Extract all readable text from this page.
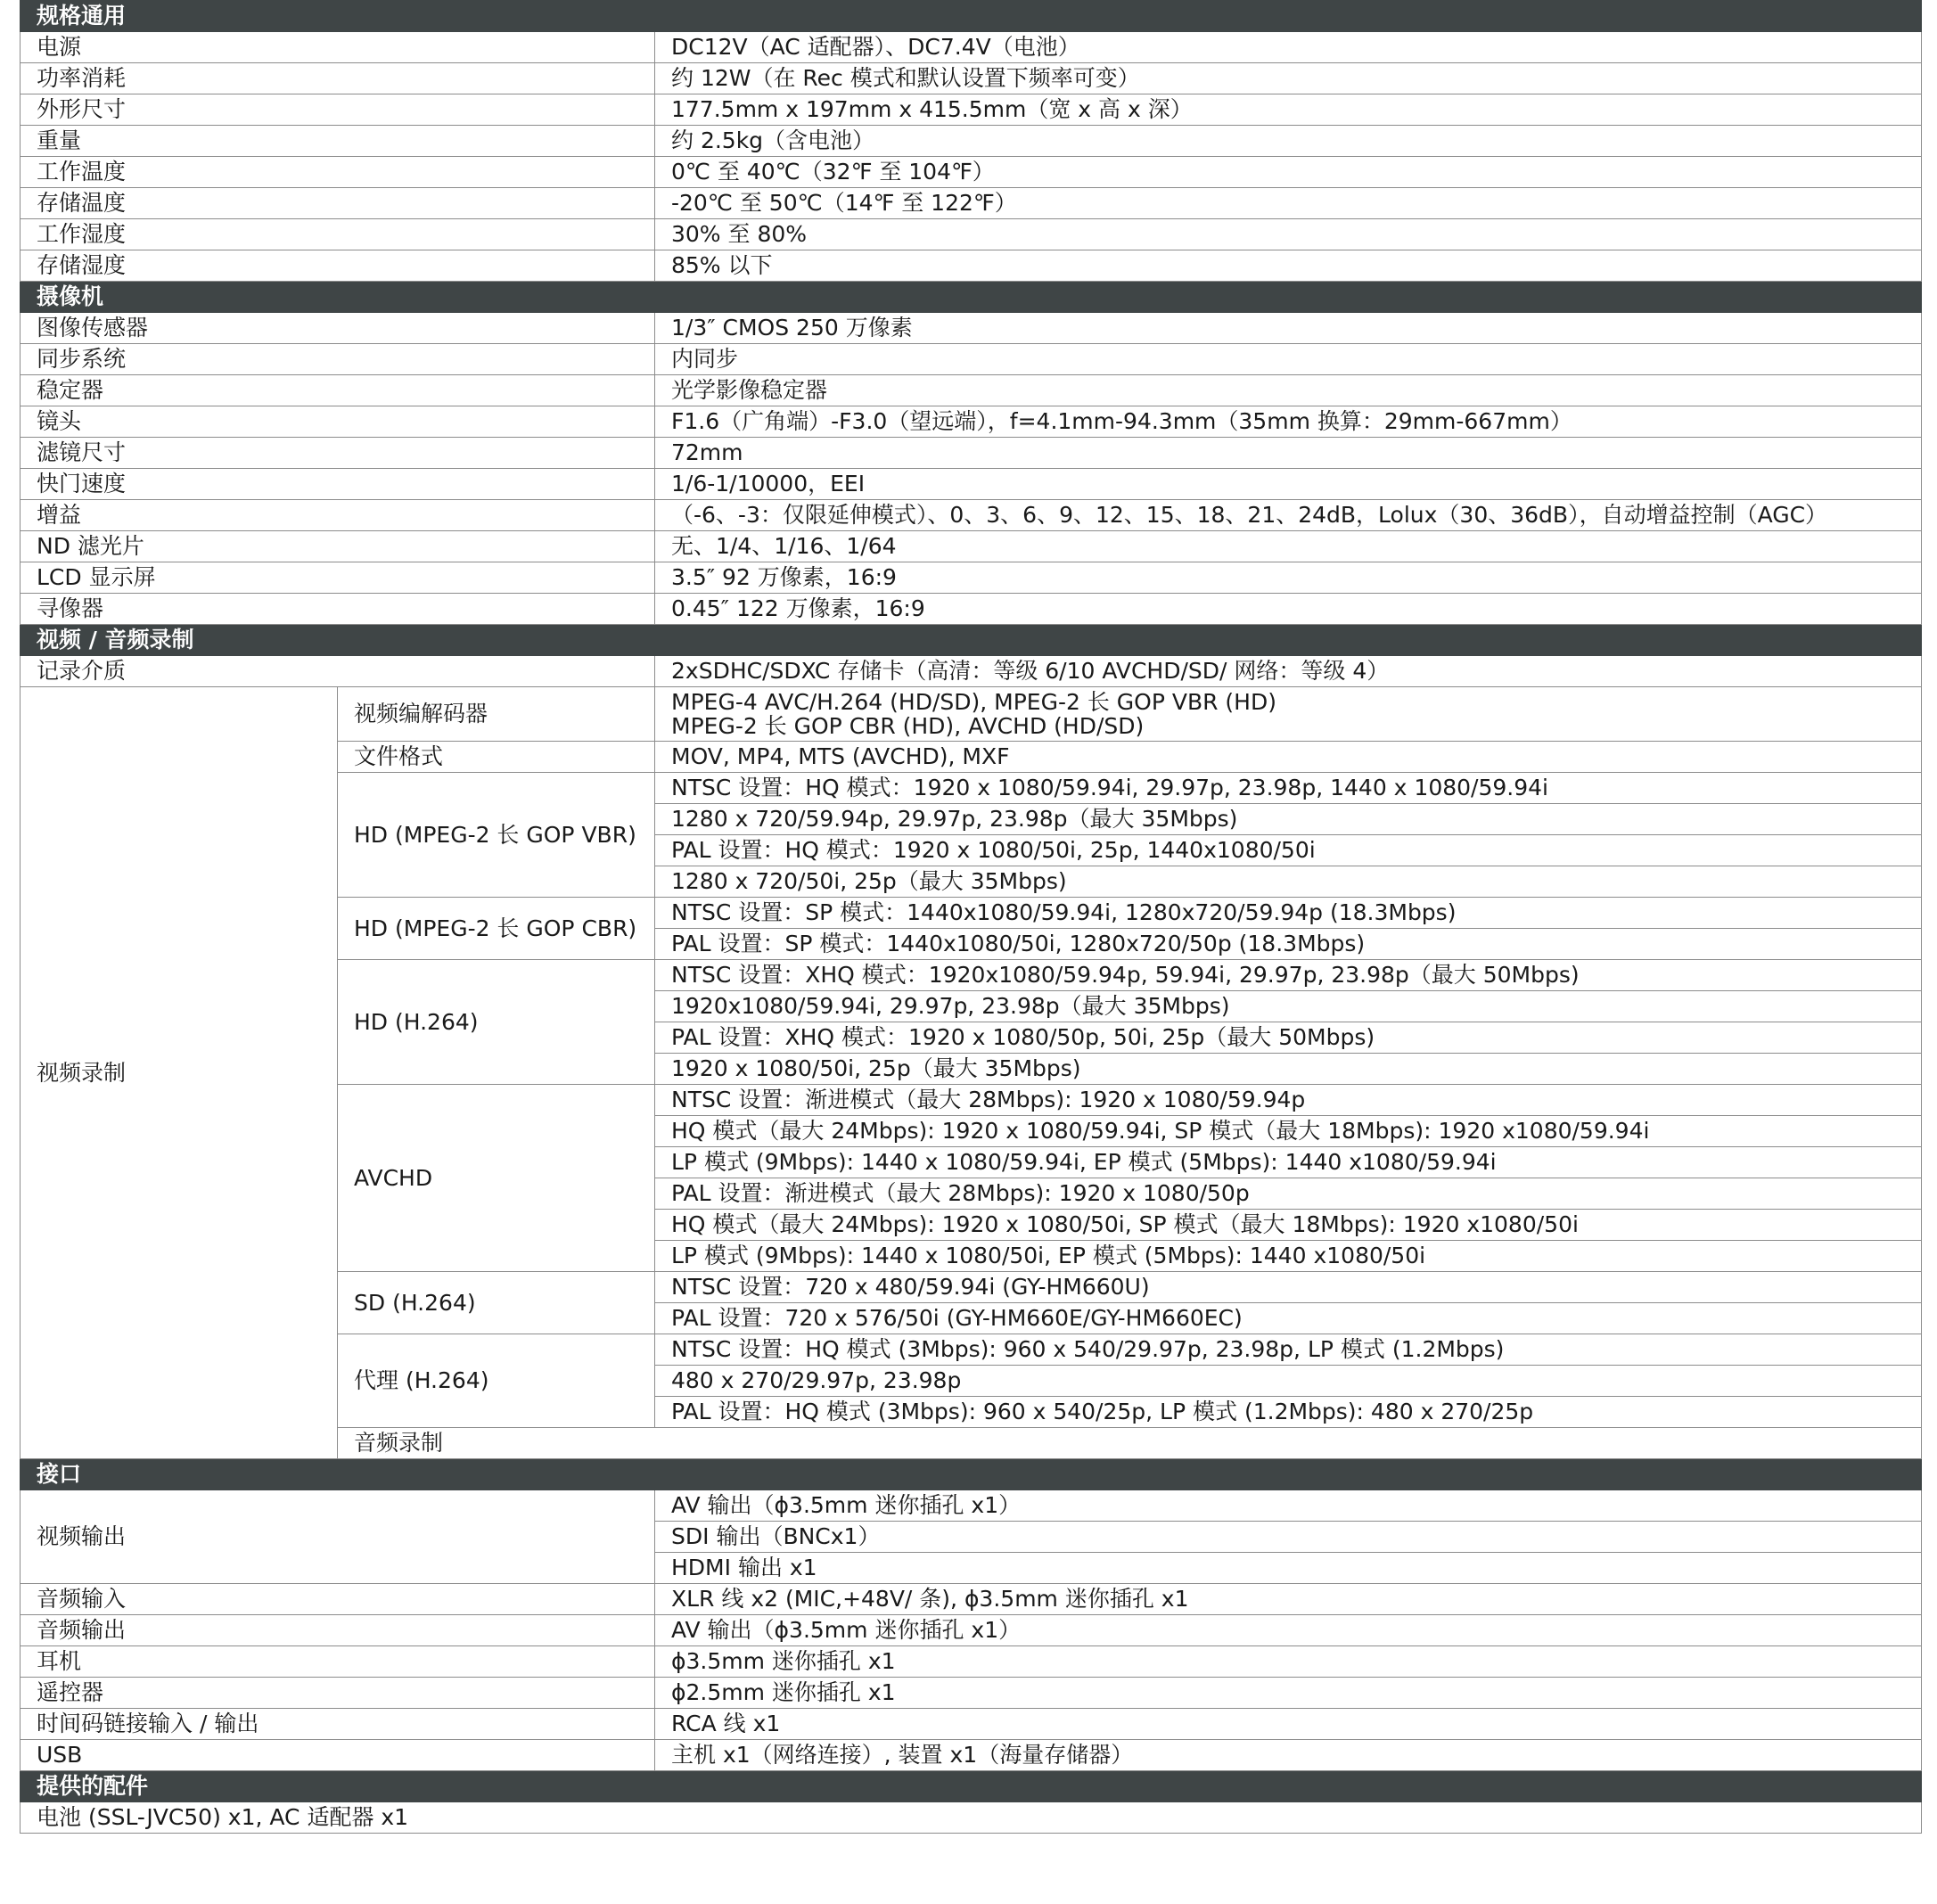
规格通用			
电源		DC12V（AC 适配器）、DC7.4V（电池）	
功率消耗		约 12W（在 Rec 模式和默认设置下频率可变）	
外形尺寸		177.5mm x 197mm x 415.5mm（宽 x 高 x 深）	
重量		约 2.5kg（含电池）	
工作温度		0℃ 至 40℃（32℉ 至 104℉）	
存储温度		-20℃ 至 50℃（14℉ 至 122℉）	
工作湿度		30% 至 80%	
存储湿度		85% 以下	
摄像机			
图像传感器		1/3″ CMOS 250 万像素	
同步系统		内同步	
稳定器		光学影像稳定器	
镜头		F1.6（广角端）-F3.0（望远端），f=4.1mm-94.3mm（35mm 换算：29mm-667mm）	
滤镜尺寸		72mm	
快门速度		1/6-1/10000，EEI	
增益		（-6、-3：仅限延伸模式）、0、3、6、9、12、15、18、21、24dB，Lolux（30、36dB），自动增益控制（AGC）	
ND 滤光片		无、1/4、1/16、1/64	
LCD 显示屏		3.5″ 92 万像素，16:9	
寻像器		0.45″ 122 万像素，16:9	
视频 / 音频录制			
记录介质		2xSDHC/SDXC 存储卡（高清：等级 6/10 AVCHD/SD/ 网络：等级 4）	
视频录制	视频编解码器	MPEG-4 AVC/H.264 (HD/SD), MPEG-2 长 GOP VBR (HD)
MPEG-2 长 GOP CBR (HD), AVCHD (HD/SD)	

	文件格式	MOV, MP4, MTS (AVCHD), MXF	
	HD (MPEG-2 长 GOP VBR)	NTSC 设置：HQ 模式：1920 x 1080/59.94i, 29.97p, 23.98p, 1440 x 1080/59.94i	
		1280 x 720/59.94p, 29.97p, 23.98p（最大 35Mbps)	
		PAL 设置：HQ 模式：1920 x 1080/50i, 25p, 1440x1080/50i	
		1280 x 720/50i, 25p（最大 35Mbps)	
	HD (MPEG-2 长 GOP CBR)	NTSC 设置：SP 模式：1440x1080/59.94i, 1280x720/59.94p (18.3Mbps)	
		PAL 设置：SP 模式：1440x1080/50i, 1280x720/50p (18.3Mbps)	
	HD (H.264)	NTSC 设置：XHQ 模式：1920x1080/59.94p, 59.94i, 29.97p, 23.98p（最大 50Mbps)	
		1920x1080/59.94i, 29.97p, 23.98p（最大 35Mbps)	
		PAL 设置：XHQ 模式：1920 x 1080/50p, 50i, 25p（最大 50Mbps)	
		1920 x 1080/50i, 25p（最大 35Mbps)	
	AVCHD	NTSC 设置：渐进模式（最大 28Mbps): 1920 x 1080/59.94p	
		HQ 模式（最大 24Mbps): 1920 x 1080/59.94i, SP 模式（最大 18Mbps): 1920 x1080/59.94i	
		LP 模式 (9Mbps): 1440 x 1080/59.94i, EP 模式 (5Mbps): 1440 x1080/59.94i	
		PAL 设置：渐进模式（最大 28Mbps): 1920 x 1080/50p	
		HQ 模式（最大 24Mbps): 1920 x 1080/50i, SP 模式（最大 18Mbps): 1920 x1080/50i	
		LP 模式 (9Mbps): 1440 x 1080/50i, EP 模式 (5Mbps): 1440 x1080/50i	
	SD (H.264)	NTSC 设置：720 x 480/59.94i (GY-HM660U)	
		PAL 设置：720 x 576/50i (GY-HM660E/GY-HM660EC)	
	代理 (H.264)	NTSC 设置：HQ 模式 (3Mbps): 960 x 540/29.97p, 23.98p, LP 模式 (1.2Mbps)	
		480 x 270/29.97p, 23.98p	
		PAL 设置：HQ 模式 (3Mbps): 960 x 540/25p, LP 模式 (1.2Mbps): 480 x 270/25p	
	音频录制	
接口			
视频输出		AV 输出（ϕ3.5mm 迷你插孔 x1）	
		SDI 输出（BNCx1）	
		HDMI 输出 x1	
音频输入		XLR 线 x2 (MIC,+48V/ 条), ϕ3.5mm 迷你插孔 x1	
音频输出		AV 输出（ϕ3.5mm 迷你插孔 x1）	
耳机		ϕ3.5mm 迷你插孔 x1	
遥控器		ϕ2.5mm 迷你插孔 x1	
时间码链接输入 / 输出		RCA 线 x1	
USB		主机 x1（网络连接）, 装置 x1（海量存储器）	
提供的配件			
电池 (SSL-JVC50) x1, AC 适配器 x1			
